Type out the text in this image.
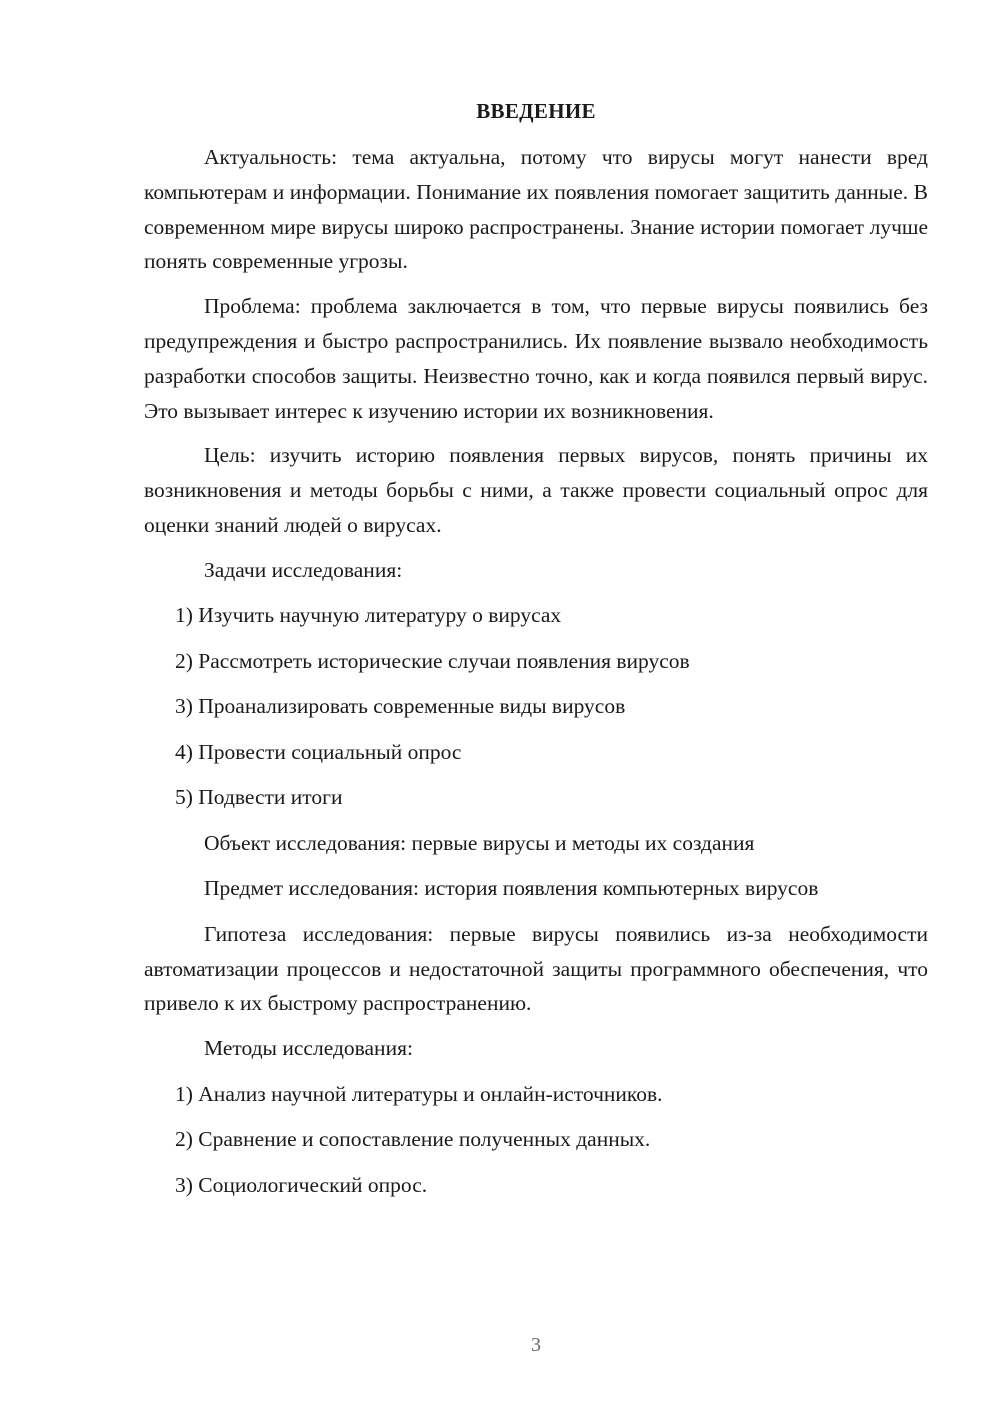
ВВЕДЕНИЕ

Актуальность: тема актуальна, потому что вирусы могут нанести вред компьютерам и информации. Понимание их появления помогает защитить данные. В современном мире вирусы широко распространены. Знание истории помогает лучше понять современные угрозы.

Проблема: проблема заключается в том, что первые вирусы появились без предупреждения и быстро распространились. Их появление вызвало необходимость разработки способов защиты. Неизвестно точно, как и когда появился первый вирус. Это вызывает интерес к изучению истории их возникновения.

Цель: изучить историю появления первых вирусов, понять причины их возникновения и методы борьбы с ними, а также провести социальный опрос для оценки знаний людей о вирусах.

Задачи исследования:
1) Изучить научную литературу о вирусах
2) Рассмотреть исторические случаи появления вирусов
3) Проанализировать современные виды вирусов
4) Провести социальный опрос
5) Подвести итоги
Объект исследования: первые вирусы и методы их создания
Предмет исследования: история появления компьютерных вирусов

Гипотеза исследования: первые вирусы появились из-за необходимости автоматизации процессов и недостаточной защиты программного обеспечения, что привело к их быстрому распространению.

Методы исследования:
1) Анализ научной литературы и онлайн-источников.
2) Сравнение и сопоставление полученных данных.
3) Социологический опрос.
3
